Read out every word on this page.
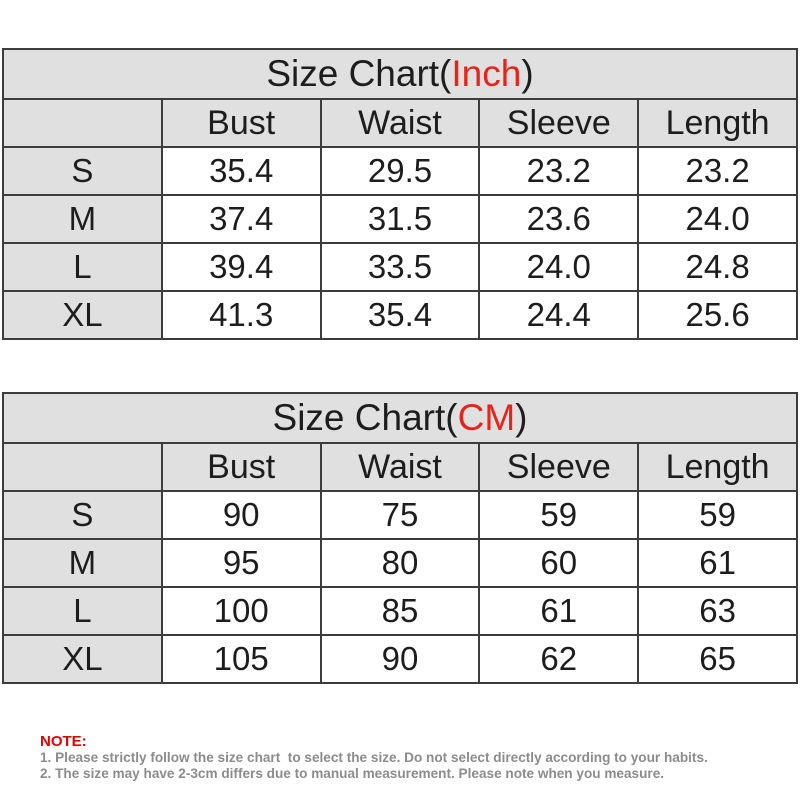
Size Chart(Inch)				
	Bust	Waist	Sleeve	Length
S	35.4	29.5	23.2	23.2
M	37.4	31.5	23.6	24.0
L	39.4	33.5	24.0	24.8
XL	41.3	35.4	24.4	25.6
Size Chart(CM)				
	Bust	Waist	Sleeve	Length
S	90	75	59	59
M	95	80	60	61
L	100	85	61	63
XL	105	90	62	65
NOTE:
1. Please strictly follow the size chart  to select the size. Do not select directly according to your habits.
2. The size may have 2-3cm differs due to manual measurement. Please note when you measure.
